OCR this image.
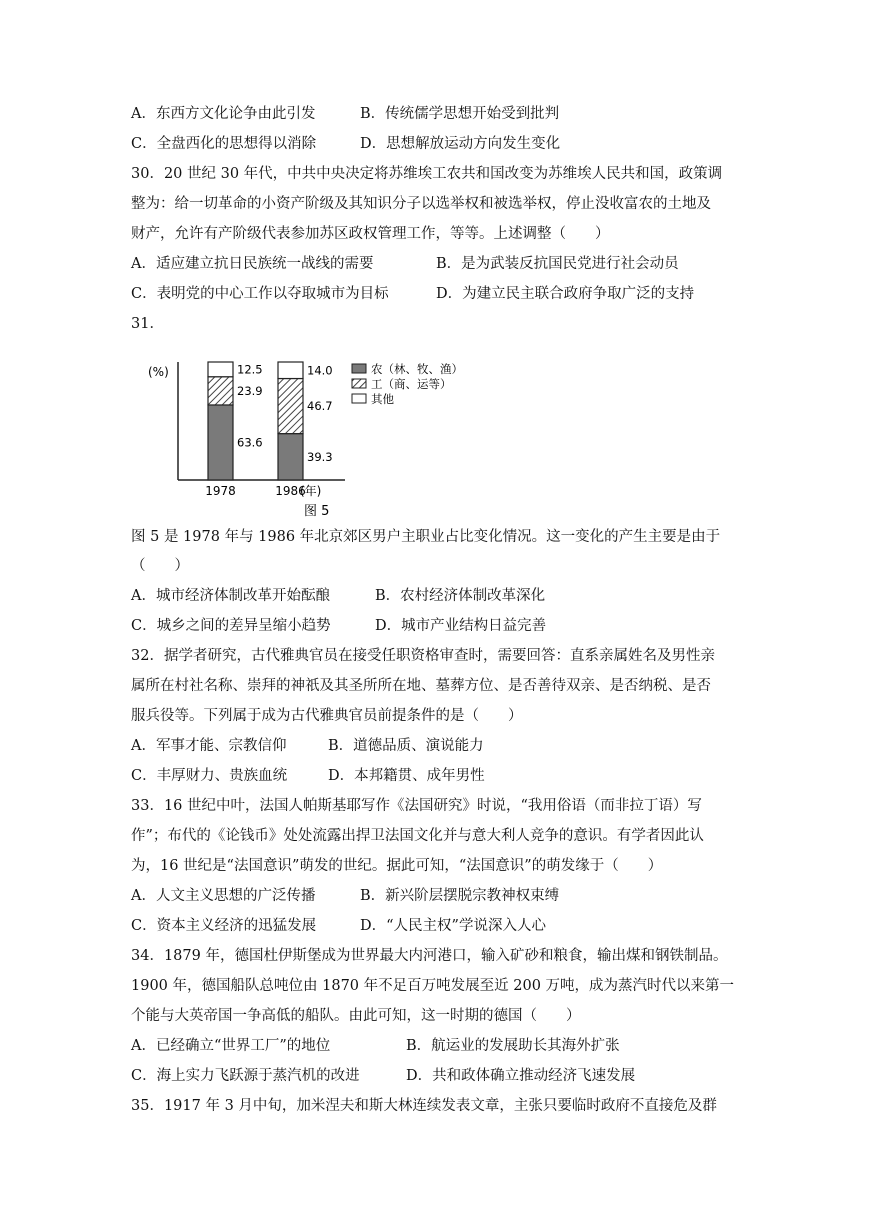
A．东西方文化论争由此引发	B．传统儒学思想开始受到批判
C．全盘西化的思想得以消除	D．思想解放运动方向发生变化
30．20 世纪 30 年代，中共中央决定将苏维埃工农共和国改变为苏维埃人民共和国，政策调
整为：给一切革命的小资产阶级及其知识分子以选举权和被选举权，停止没收富农的土地及
财产，允许有产阶级代表参加苏区政权管理工作，等等。上述调整（　　）
A．适应建立抗日民族统一战线的需要	B．是为武装反抗国民党进行社会动员
C．表明党的中心工作以夺取城市为目标	D．为建立民主联合政府争取广泛的支持
31．
(%)
(年)
图 5
1978	1986
63.6
23.9
12.5
39.3
46.7
14.0	农（林、牧、渔）
工（商、运等）
其他
图 5 是 1978 年与 1986 年北京郊区男户主职业占比变化情况。这一变化的产生主要是由于
（　　）
A．城市经济体制改革开始酝酿	B．农村经济体制改革深化
C．城乡之间的差异呈缩小趋势	D．城市产业结构日益完善
32．据学者研究，古代雅典官员在接受任职资格审查时，需要回答：直系亲属姓名及男性亲
属所在村社名称、崇拜的神祇及其圣所所在地、墓葬方位、是否善待双亲、是否纳税、是否
服兵役等。下列属于成为古代雅典官员前提条件的是（　　）
A．军事才能、宗教信仰	B．道德品质、演说能力
C．丰厚财力、贵族血统	D．本邦籍贯、成年男性
33．16 世纪中叶，法国人帕斯基耶写作《法国研究》时说，“我用俗语（而非拉丁语）写
作”；布代的《论钱币》处处流露出捍卫法国文化并与意大利人竞争的意识。有学者因此认
为，16 世纪是“法国意识”萌发的世纪。据此可知，“法国意识”的萌发缘于（　　）
A．人文主义思想的广泛传播	B．新兴阶层摆脱宗教神权束缚
C．资本主义经济的迅猛发展	D．“人民主权”学说深入人心
34．1879 年，德国杜伊斯堡成为世界最大内河港口，输入矿砂和粮食，输出煤和钢铁制品。
1900 年，德国船队总吨位由 1870 年不足百万吨发展至近 200 万吨，成为蒸汽时代以来第一
个能与大英帝国一争高低的船队。由此可知，这一时期的德国（　　）
A．已经确立“世界工厂”的地位	B．航运业的发展助长其海外扩张
C．海上实力飞跃源于蒸汽机的改进	D．共和政体确立推动经济飞速发展
35．1917 年 3 月中旬，加米涅夫和斯大林连续发表文章，主张只要临时政府不直接危及群
